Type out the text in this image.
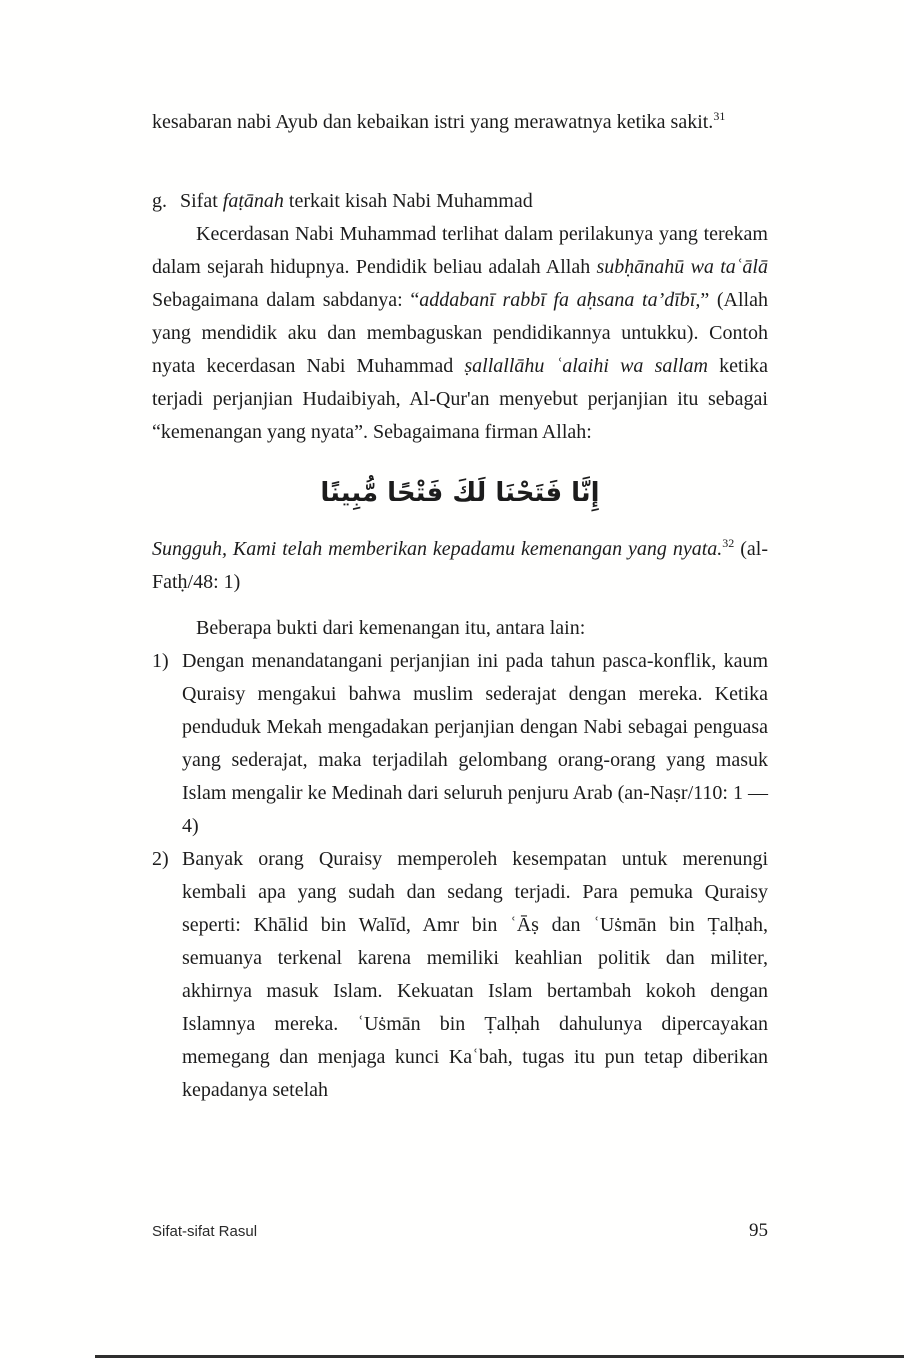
kesabaran nabi Ayub dan kebaikan istri yang merawatnya ketika sakit.$^{31}$

g. Sifat faṭānah terkait kisah Nabi Muhammad

Kecerdasan Nabi Muhammad terlihat dalam perilakunya yang terekam dalam sejarah hidupnya. Pendidik beliau adalah Allah subḥānahū wa taʿālā Sebagaimana dalam sabdanya: “addabanī rabbī fa aḥsana ta’dībī,” (Allah yang mendidik aku dan membaguskan pendidikannya untukku). Contoh nyata kecerdasan Nabi Muhammad ṣallallāhu ʿalaihi wa sallam ketika terjadi perjanjian Hudaibiyah, Al-Qur'an menyebut perjanjian itu sebagai “kemenangan yang nyata”. Sebagaimana firman Allah:

إِنَّا فَتَحْنَا لَكَ فَتْحًا مُّبِينًا

Sungguh, Kami telah memberikan kepadamu kemenangan yang nyata.$^{32}$ (al-Fatḥ/48: 1)

Beberapa bukti dari kemenangan itu, antara lain:

1) Dengan menandatangani perjanjian ini pada tahun pasca-konflik, kaum Quraisy mengakui bahwa muslim sederajat dengan mereka. Ketika penduduk Mekah mengadakan perjanjian dengan Nabi sebagai penguasa yang sederajat, maka terjadilah gelombang orang-orang yang masuk Islam mengalir ke Medinah dari seluruh penjuru Arab (an-Naṣr/110: 1 — 4)

2) Banyak orang Quraisy memperoleh kesempatan untuk merenungi kembali apa yang sudah dan sedang terjadi. Para pemuka Quraisy seperti: Khālid bin Walīd, Amr bin ʿĀṣ dan ʿUṡmān bin Ṭalḥah, semuanya terkenal karena memiliki keahlian politik dan militer, akhirnya masuk Islam. Kekuatan Islam bertambah kokoh dengan Islamnya mereka. ʿUṡmān bin Ṭalḥah dahulunya dipercayakan memegang dan menjaga kunci Kaʿbah, tugas itu pun tetap diberikan kepadanya setelah

Sifat-sifat Rasul	95
